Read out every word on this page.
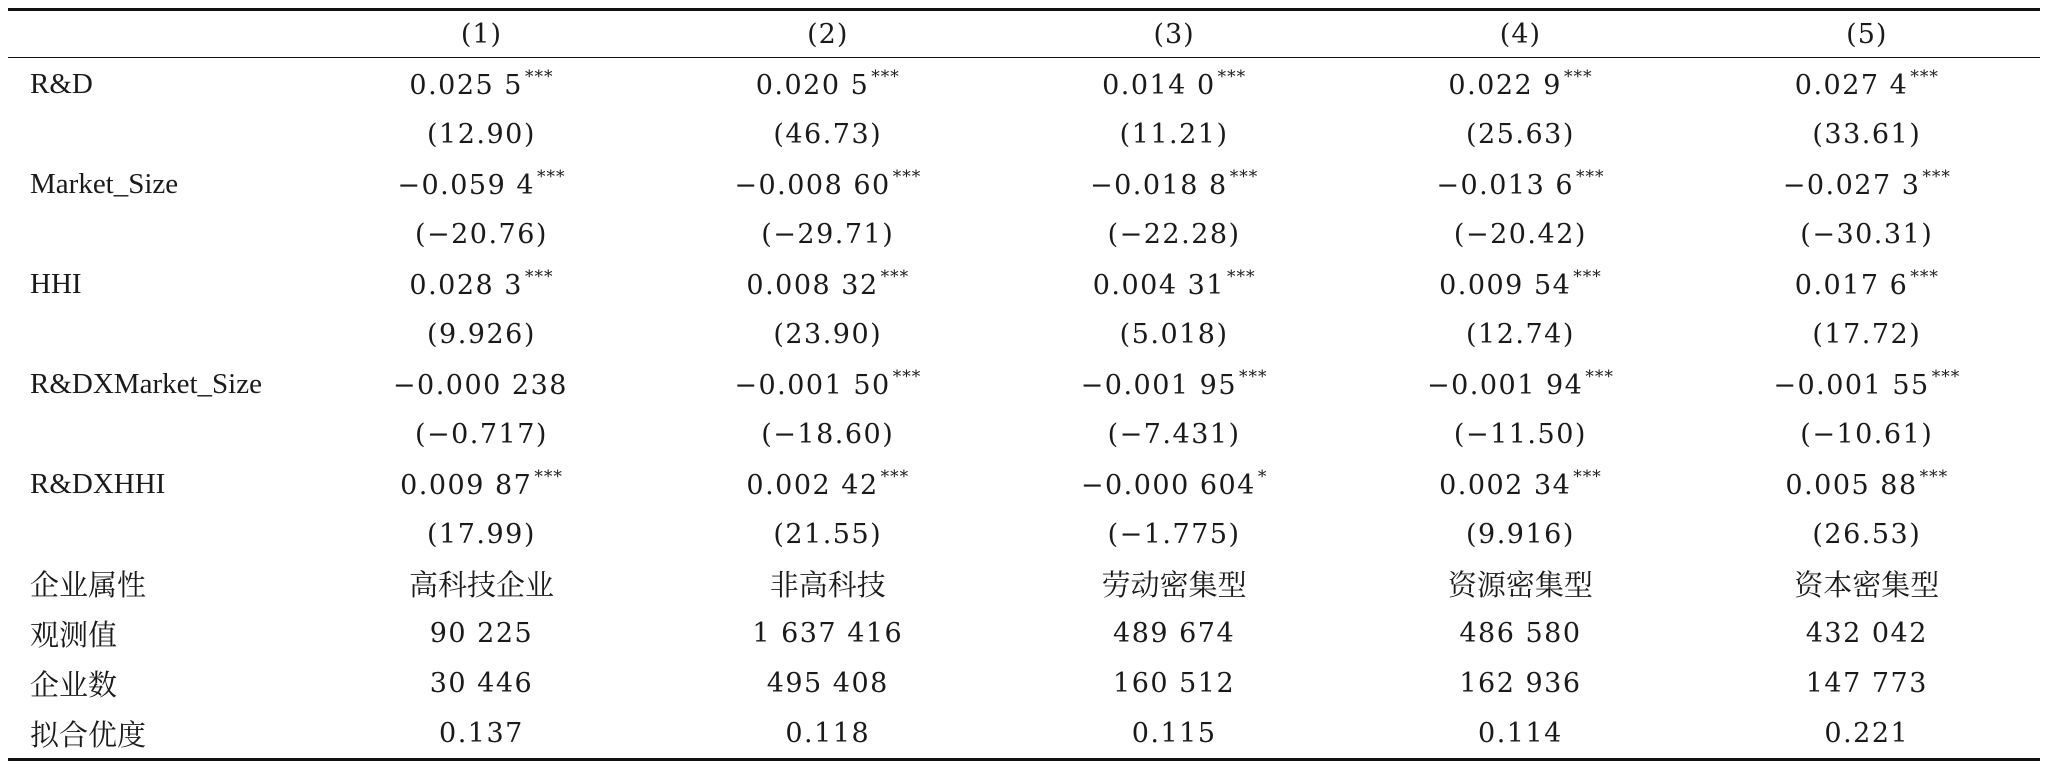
	(1)	(2)	(3)	(4)	(5)
R&D	0.025 5 ***	0.020 5 ***	0.014 0 ***	0.022 9 ***	0.027 4 ***
	(12.90)	(46.73)	(11.21)	(25.63)	(33.61)
Market_Size	−0.059 4 ***	−0.008 60 ***	−0.018 8 ***	−0.013 6 ***	−0.027 3 ***
	(−20.76)	(−29.71)	(−22.28)	(−20.42)	(−30.31)
HHI	0.028 3 ***	0.008 32 ***	0.004 31 ***	0.009 54 ***	0.017 6 ***
	(9.926)	(23.90)	(5.018)	(12.74)	(17.72)
R&DXMarket_Size	−0.000 238	−0.001 50 ***	−0.001 95 ***	−0.001 94 ***	−0.001 55 ***
	(−0.717)	(−18.60)	(−7.431)	(−11.50)	(−10.61)
R&DXHHI	0.009 87 ***	0.002 42 ***	−0.000 604 *	0.002 34 ***	0.005 88 ***
	(17.99)	(21.55)	(−1.775)	(9.916)	(26.53)
企业属性	高科技企业	非高科技	劳动密集型	资源密集型	资本密集型
观测值	90 225	1 637 416	489 674	486 580	432 042
企业数	30 446	495 408	160 512	162 936	147 773
拟合优度	0.137	0.118	0.115	0.114	0.221
